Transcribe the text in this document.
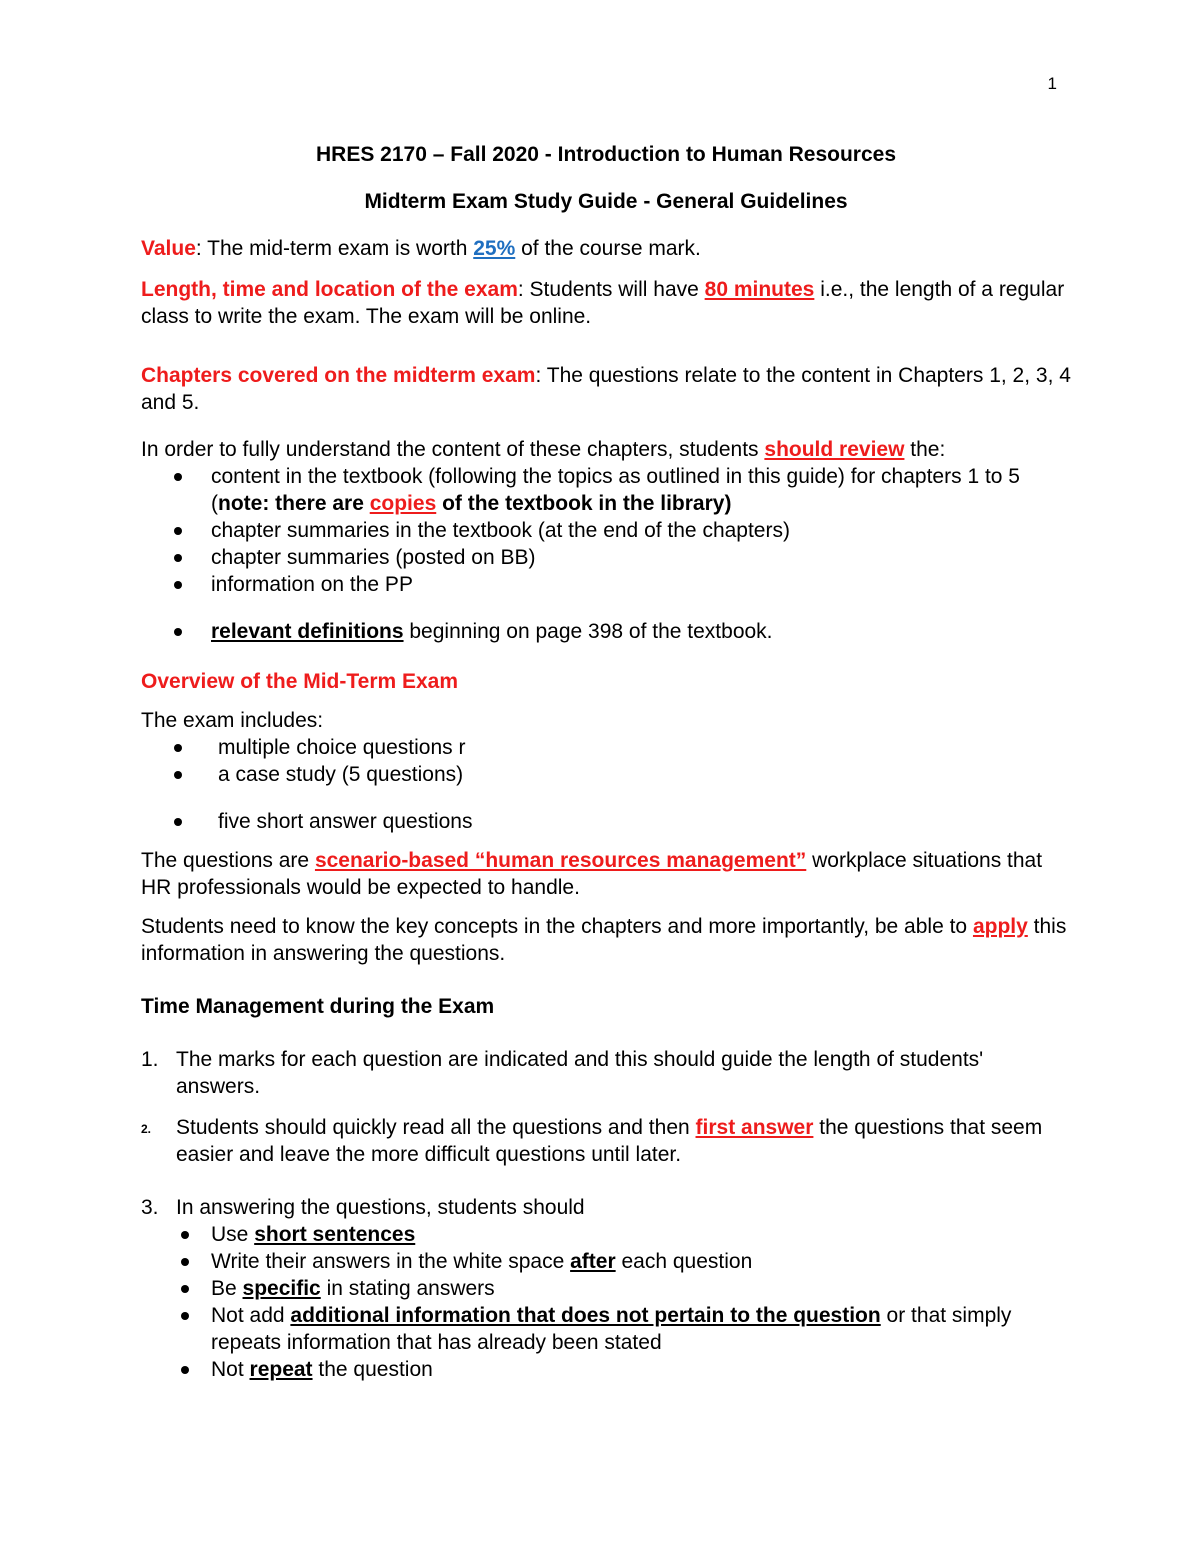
1

HRES 2170 – Fall 2020 - Introduction to Human Resources

Midterm Exam Study Guide - General Guidelines

Value: The mid-term exam is worth 25% of the course mark.

Length, time and location of the exam: Students will have 80 minutes i.e., the length of a regular class to write the exam. The exam will be online.

Chapters covered on the midterm exam: The questions relate to the content in Chapters 1, 2, 3, 4 and 5.

In order to fully understand the content of these chapters, students should review the:

content in the textbook (following the topics as outlined in this guide) for chapters 1 to 5 (note: there are copies of the textbook in the library)
chapter summaries in the textbook (at the end of the chapters)
chapter summaries (posted on BB)
information on the PP
relevant definitions beginning on page 398 of the textbook.

Overview of the Mid-Term Exam

The exam includes:

multiple choice questions r
a case study (5 questions)
five short answer questions

The questions are scenario-based “human resources management” workplace situations that HR professionals would be expected to handle.

Students need to know the key concepts in the chapters and more importantly, be able to apply this information in answering the questions.

Time Management during the Exam

1. The marks for each question are indicated and this should guide the length of students' answers.
2. Students should quickly read all the questions and then first answer the questions that seem easier and leave the more difficult questions until later.
3. In answering the questions, students should
Use short sentences
Write their answers in the white space after each question
Be specific in stating answers
Not add additional information that does not pertain to the question or that simply repeats information that has already been stated
Not repeat the question
